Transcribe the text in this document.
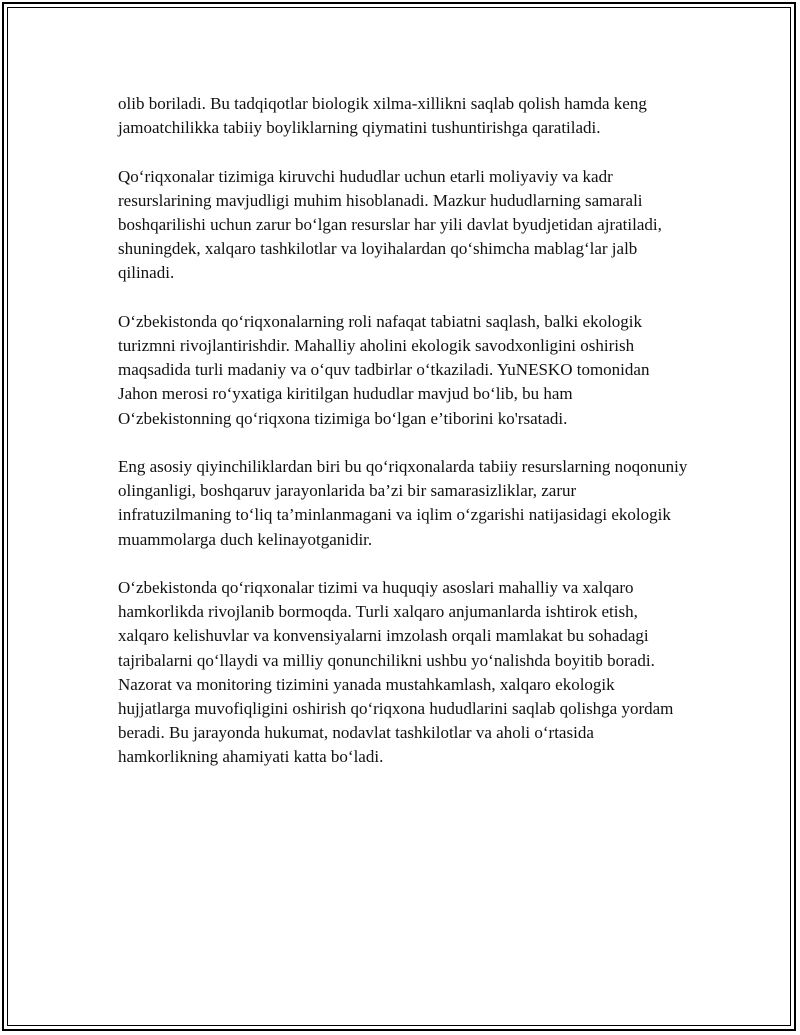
olib boriladi. Bu tadqiqotlar biologik xilma-xillikni saqlab qolish hamda keng jamoatchilikka tabiiy boyliklarning qiymatini tushuntirishga qaratiladi.

Qo‘riqxonalar tizimiga kiruvchi hududlar uchun etarli moliyaviy va kadr resurslarining mavjudligi muhim hisoblanadi. Mazkur hududlarning samarali boshqarilishi uchun zarur bo‘lgan resurslar har yili davlat byudjetidan ajratiladi, shuningdek, xalqaro tashkilotlar va loyihalardan qo‘shimcha mablag‘lar jalb qilinadi.

O‘zbekistonda qo‘riqxonalarning roli nafaqat tabiatni saqlash, balki ekologik turizmni rivojlantirishdir. Mahalliy aholini ekologik savodxonligini oshirish maqsadida turli madaniy va o‘quv tadbirlar o‘tkaziladi. YuNESKO tomonidan Jahon merosi ro‘yxatiga kiritilgan hududlar mavjud bo‘lib, bu ham O‘zbekistonning qo‘riqxona tizimiga bo‘lgan e’tiborini ko'rsatadi.

Eng asosiy qiyinchiliklardan biri bu qo‘riqxonalarda tabiiy resurslarning noqonuniy olinganligi, boshqaruv jarayonlarida ba’zi bir samarasizliklar, zarur infratuzilmaning to‘liq ta’minlanmagani va iqlim o‘zgarishi natijasidagi ekologik muammolarga duch kelinayotganidir.

O‘zbekistonda qo‘riqxonalar tizimi va huquqiy asoslari mahalliy va xalqaro hamkorlikda rivojlanib bormoqda. Turli xalqaro anjumanlarda ishtirok etish, xalqaro kelishuvlar va konvensiyalarni imzolash orqali mamlakat bu sohadagi tajribalarni qo‘llaydi va milliy qonunchilikni ushbu yo‘nalishda boyitib boradi. Nazorat va monitoring tizimini yanada mustahkamlash, xalqaro ekologik hujjatlarga muvofiqligini oshirish qo‘riqxona hududlarini saqlab qolishga yordam beradi. Bu jarayonda hukumat, nodavlat tashkilotlar va aholi o‘rtasida hamkorlikning ahamiyati katta bo‘ladi.
